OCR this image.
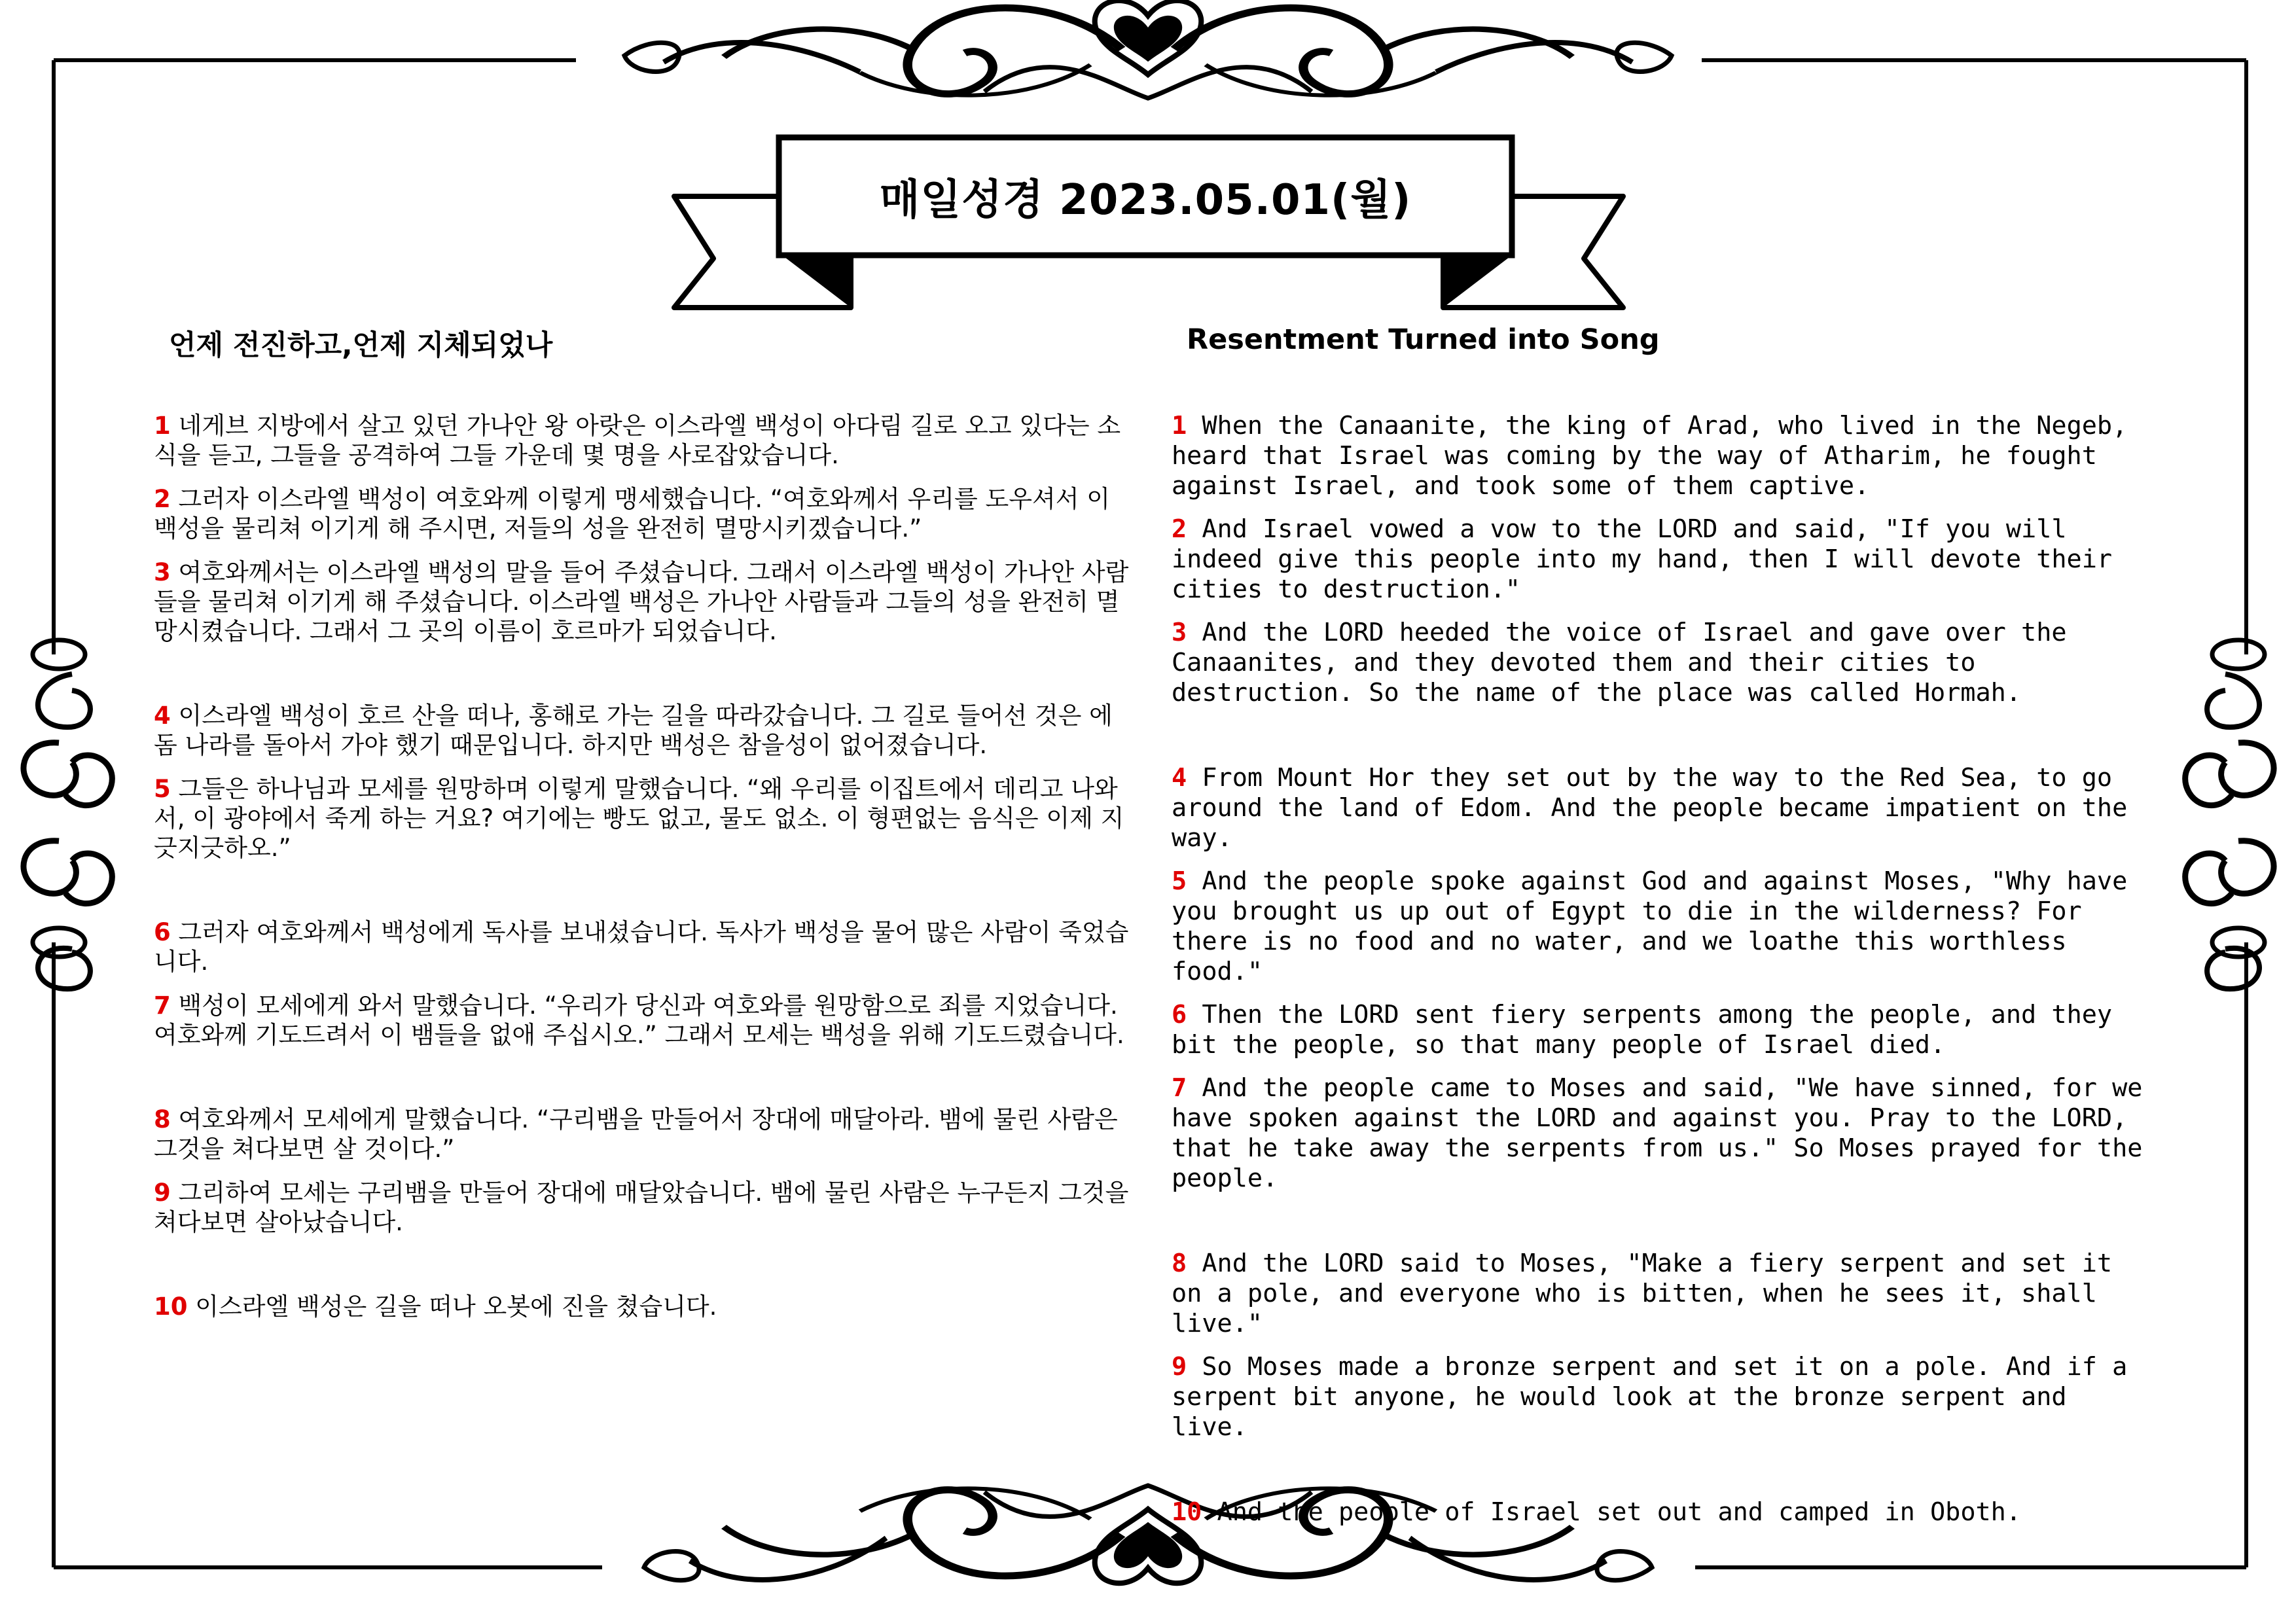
매일성경 2023.05.01(월)
언제 전진하고,언제 지체되었나	Resentment Turned into Song

1 네게브 지방에서 살고 있던 가나안 왕 아랏은 이스라엘 백성이 아다림 길로 오고 있다는 소식을 듣고, 그들을 공격하여 그들 가운데 몇 명을 사로잡았습니다.

2 그러자 이스라엘 백성이 여호와께 이렇게 맹세했습니다. “여호와께서 우리를 도우셔서 이 백성을 물리쳐 이기게 해 주시면, 저들의 성을 완전히 멸망시키겠습니다.”

3 여호와께서는 이스라엘 백성의 말을 들어 주셨습니다. 그래서 이스라엘 백성이 가나안 사람들을 물리쳐 이기게 해 주셨습니다. 이스라엘 백성은 가나안 사람들과 그들의 성을 완전히 멸망시켰습니다. 그래서 그 곳의 이름이 호르마가 되었습니다.

4 이스라엘 백성이 호르 산을 떠나, 홍해로 가는 길을 따라갔습니다. 그 길로 들어선 것은 에돔 나라를 돌아서 가야 했기 때문입니다. 하지만 백성은 참을성이 없어졌습니다.

5 그들은 하나님과 모세를 원망하며 이렇게 말했습니다. “왜 우리를 이집트에서 데리고 나와서, 이 광야에서 죽게 하는 거요? 여기에는 빵도 없고, 물도 없소. 이 형편없는 음식은 이제 지긋지긋하오.”

6 그러자 여호와께서 백성에게 독사를 보내셨습니다. 독사가 백성을 물어 많은 사람이 죽었습니다.

7 백성이 모세에게 와서 말했습니다. “우리가 당신과 여호와를 원망함으로 죄를 지었습니다. 여호와께 기도드려서 이 뱀들을 없애 주십시오.” 그래서 모세는 백성을 위해 기도드렸습니다.

8 여호와께서 모세에게 말했습니다. “구리뱀을 만들어서 장대에 매달아라. 뱀에 물린 사람은 그것을 쳐다보면 살 것이다.”

9 그리하여 모세는 구리뱀을 만들어 장대에 매달았습니다. 뱀에 물린 사람은 누구든지 그것을 쳐다보면 살아났습니다.

10 이스라엘 백성은 길을 떠나 오봇에 진을 쳤습니다.

1 When the Canaanite, the king of Arad, who lived in the Negeb, heard that Israel was coming by the way of Atharim, he fought against Israel, and took some of them captive.

2 And Israel vowed a vow to the LORD and said, "If you will indeed give this people into my hand, then I will devote their cities to destruction."

3 And the LORD heeded the voice of Israel and gave over the Canaanites, and they devoted them and their cities to destruction. So the name of the place was called Hormah.

4 From Mount Hor they set out by the way to the Red Sea, to go around the land of Edom. And the people became impatient on the way.

5 And the people spoke against God and against Moses, "Why have you brought us up out of Egypt to die in the wilderness? For there is no food and no water, and we loathe this worthless food."

6 Then the LORD sent fiery serpents among the people, and they bit the people, so that many people of Israel died.

7 And the people came to Moses and said, "We have sinned, for we have spoken against the LORD and against you. Pray to the LORD, that he take away the serpents from us." So Moses prayed for the people.

8 And the LORD said to Moses, "Make a fiery serpent and set it on a pole, and everyone who is bitten, when he sees it, shall live."

9 So Moses made a bronze serpent and set it on a pole. And if a serpent bit anyone, he would look at the bronze serpent and live.

10 And the people of Israel set out and camped in Oboth.
